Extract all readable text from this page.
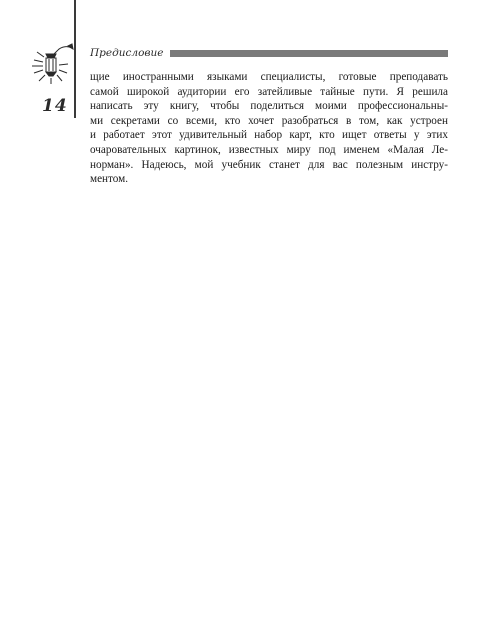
14
Предисловие
щие иностранными языками специалисты, готовые преподавать
самой широкой аудитории его затейливые тайные пути. Я решила
написать эту книгу, чтобы поделиться моими профессиональны-
ми секретами со всеми, кто хочет разобраться в том, как устроен
и работает этот удивительный набор карт, кто ищет ответы у этих
очаровательных картинок, известных миру под именем «Малая Ле-
норман». Надеюсь, мой учебник станет для вас полезным инстру-
ментом.
